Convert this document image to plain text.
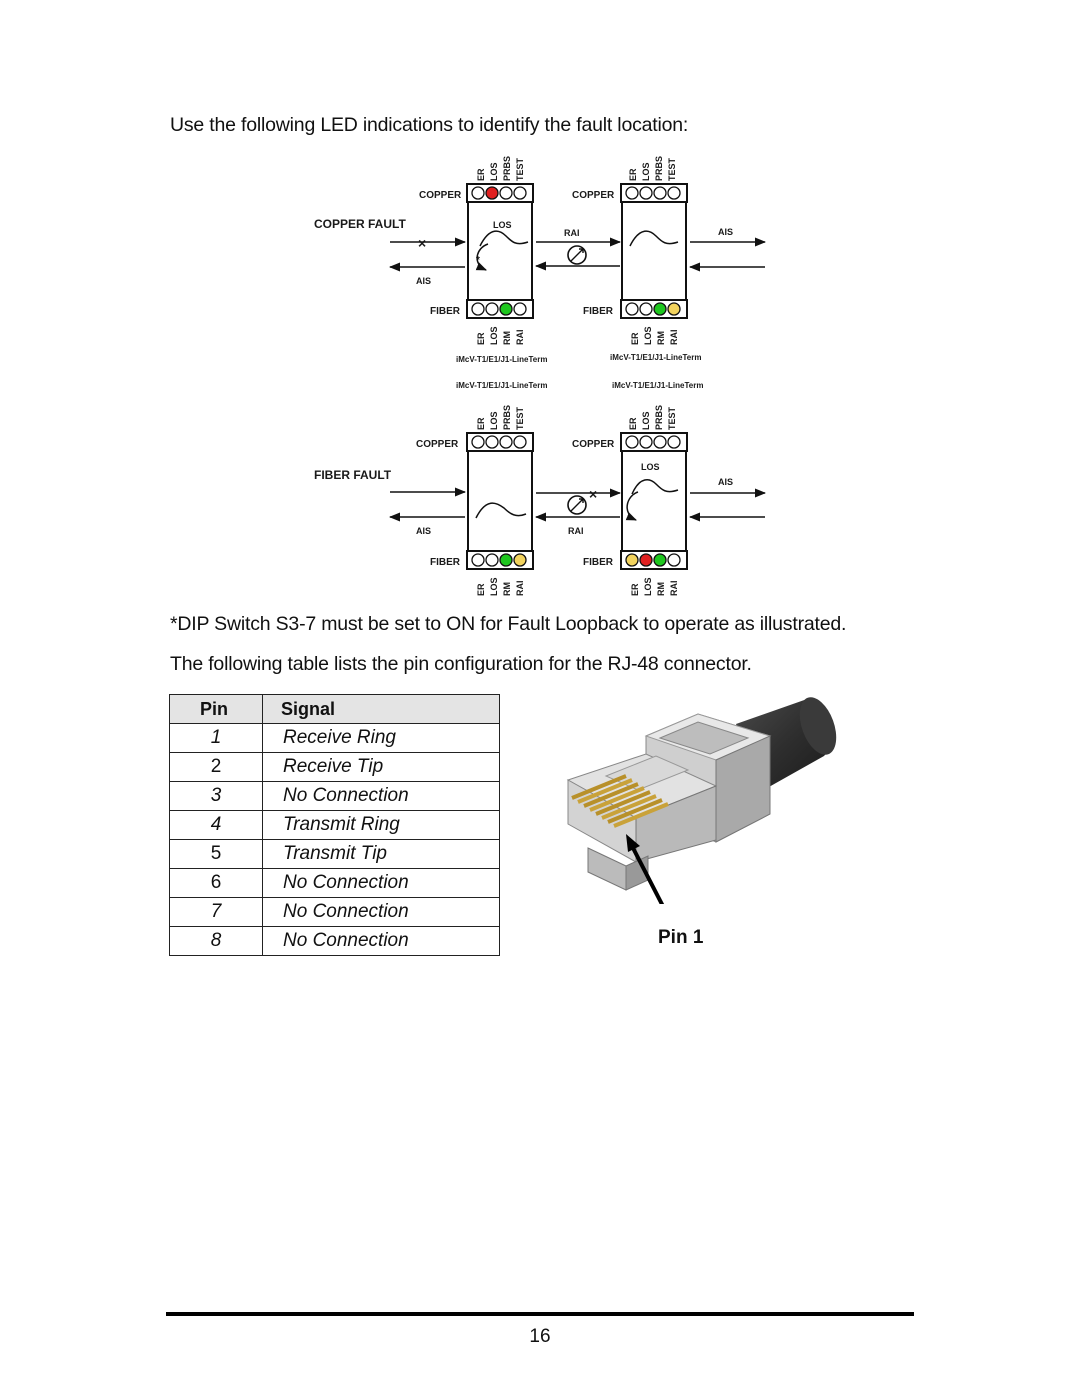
Use the following LED indications to identify the fault location:

ER LOS PRBS TEST
COPPER
FIBER
ER LOS RM RAI
ER LOS PRBS TEST
COPPER
FIBER
ER LOS RM RAI
COPPER FAULT	LOS
RAI	AIS
AIS
*
×
iMcV-T1/E1/J1-LineTerm	iMcV-T1/E1/J1-LineTerm
iMcV-T1/E1/J1-LineTerm	iMcV-T1/E1/J1-LineTerm
ER LOS PRBS TEST
COPPER
FIBER
ER LOS RM RAI
ER LOS PRBS TEST
COPPER
FIBER
ER LOS RM RAI
FIBER FAULT
LOS
AIS
AIS	RAI
×

*DIP Switch S3-7 must be set to ON for Fault Loopback to operate as illustrated.

The following table lists the pin configuration for the RJ-48 connector.

Pin	Signal
1	Receive Ring
2	Receive Tip
3	No Connection
4	Transmit Ring
5	Transmit Tip
6	No Connection
7	No Connection
8	No Connection	Pin 1
16
